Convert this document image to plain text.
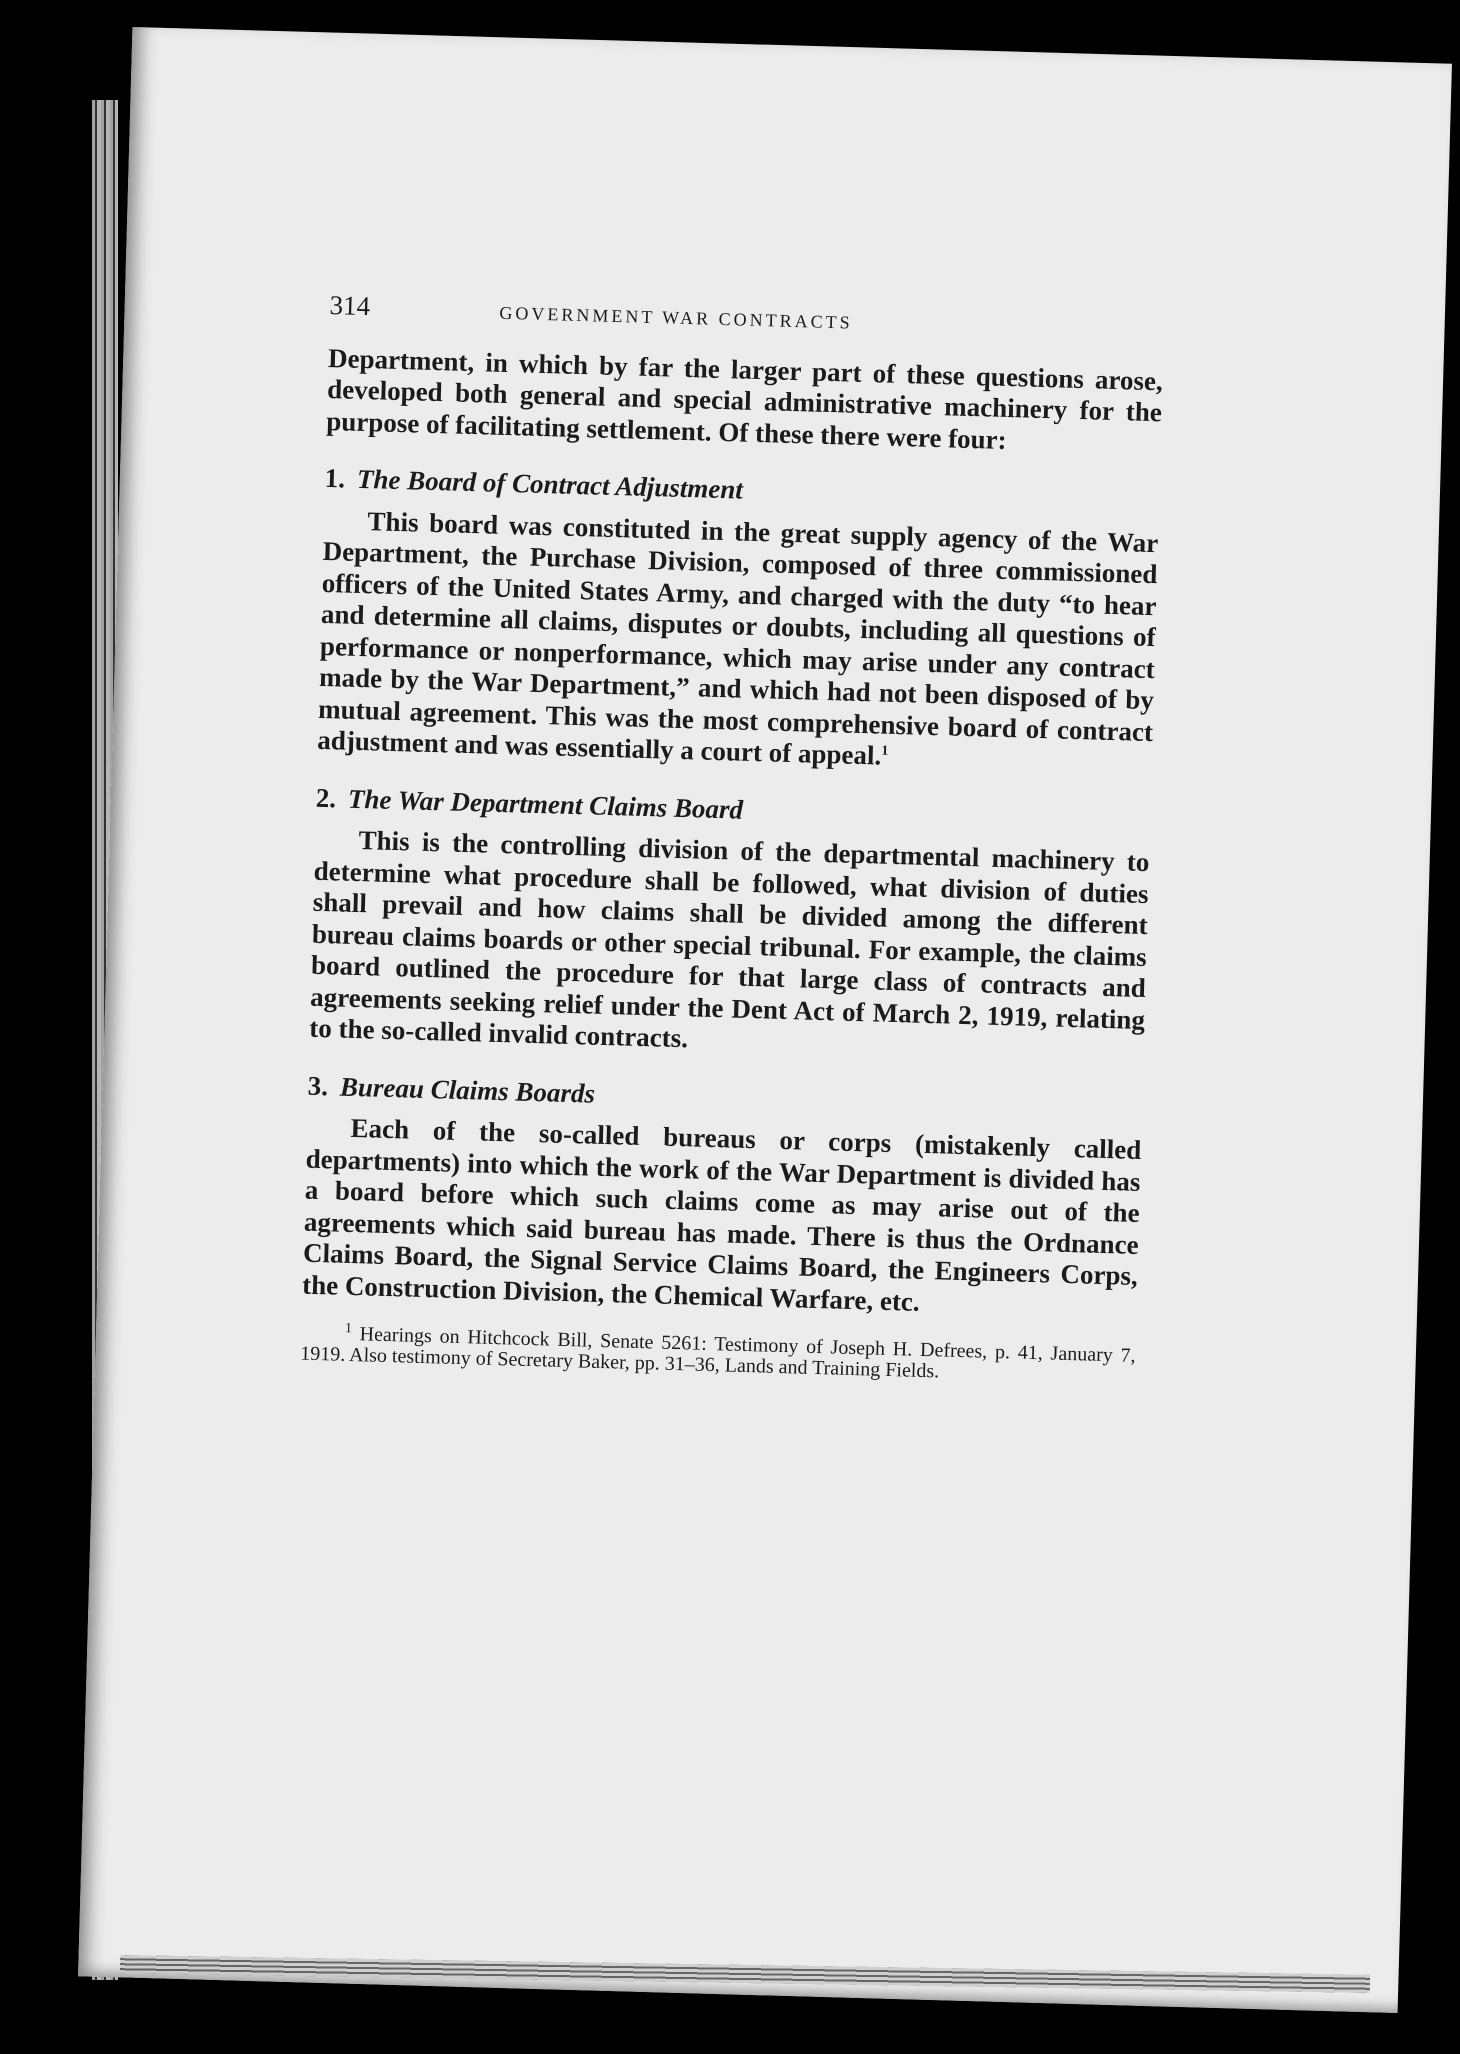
314	GOVERNMENT WAR CONTRACTS

Department, in which by far the larger part of these questions arose, developed both general and special administrative machinery for the purpose of facilitating settlement. Of these there were four:

1. The Board of Contract Adjustment

This board was constituted in the great supply agency of the War Department, the Purchase Division, composed of three commissioned officers of the United States Army, and charged with the duty “to hear and determine all claims, disputes or doubts, including all questions of performance or nonperformance, which may arise under any contract made by the War Department,” and which had not been disposed of by mutual agreement. This was the most comprehensive board of contract adjustment and was essentially a court of appeal.$^1$

2. The War Department Claims Board

This is the controlling division of the departmental machinery to determine what procedure shall be followed, what division of duties shall prevail and how claims shall be divided among the different bureau claims boards or other special tribunal. For example, the claims board outlined the procedure for that large class of contracts and agreements seeking relief under the Dent Act of March 2, 1919, relating to the so-called invalid contracts.

3. Bureau Claims Boards

Each of the so-called bureaus or corps (mistakenly called departments) into which the work of the War Department is divided has a board before which such claims come as may arise out of the agreements which said bureau has made. There is thus the Ordnance Claims Board, the Signal Service Claims Board, the Engineers Corps, the Construction Division, the Chemical Warfare, etc.

$^1$ Hearings on Hitchcock Bill, Senate 5261: Testimony of Joseph H. Defrees, p. 41, January 7, 1919. Also testimony of Secretary Baker, pp. 31–36, Lands and Training Fields.
